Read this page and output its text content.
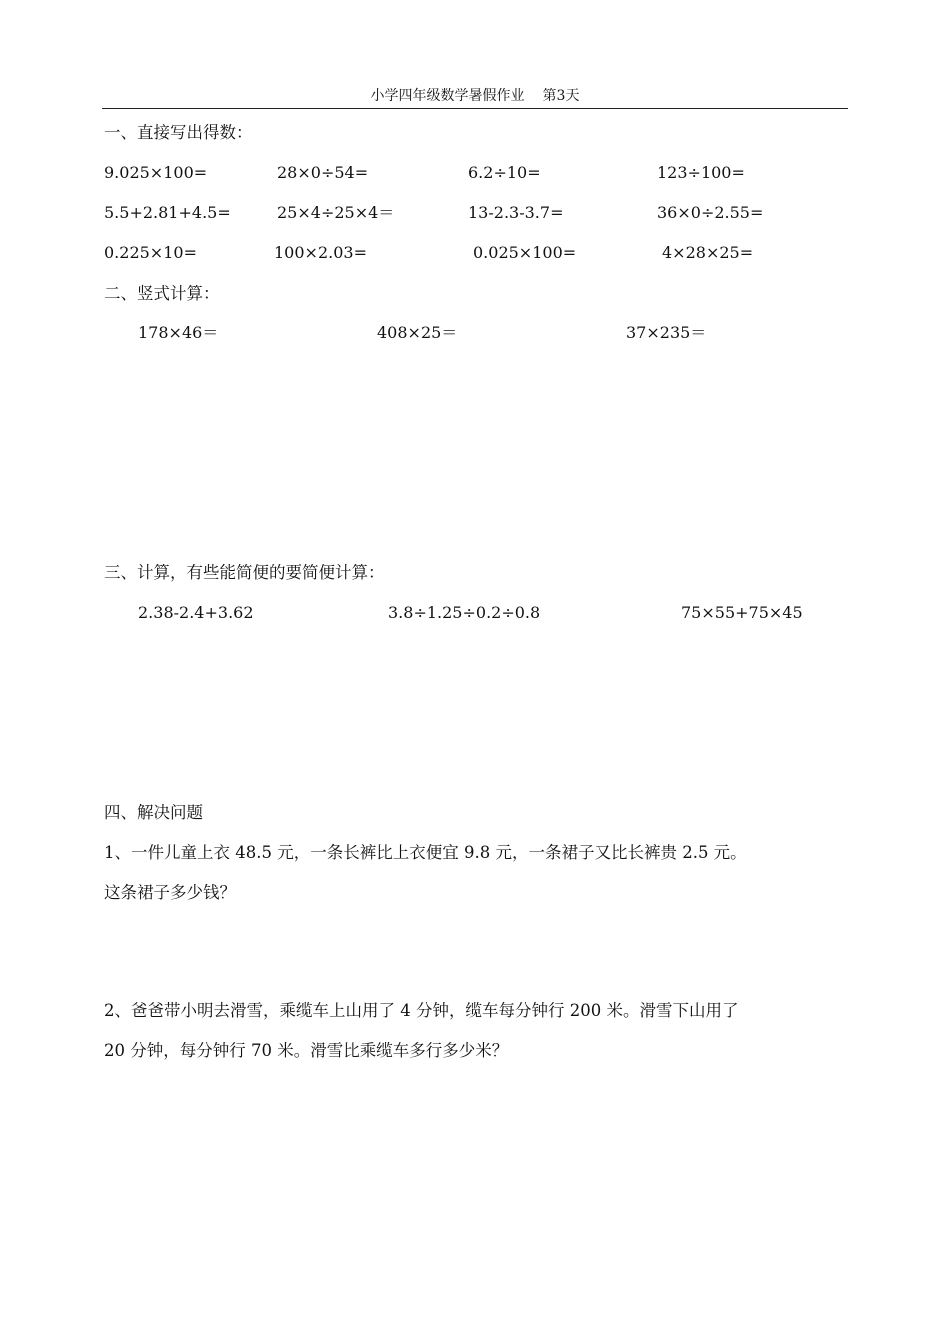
小学四年级数学暑假作业 第3天
一、直接写出得数：
9.025×100=	28×0÷54=	6.2÷10=	123÷100=
5.5+2.81+4.5=	25×4÷25×4＝	13-2.3-3.7=	36×0÷2.55=
0.225×10=	100×2.03=	0.025×100=	4×28×25=
二、竖式计算：
178×46＝	408×25＝	37×235＝
三、计算，有些能简便的要简便计算：
2.38-2.4+3.62	3.8÷1.25÷0.2÷0.8	75×55+75×45
四、解决问题
1、一件儿童上衣 48.5 元，一条长裤比上衣便宜 9.8 元，一条裙子又比长裤贵 2.5 元。
这条裙子多少钱？
2、爸爸带小明去滑雪，乘缆车上山用了 4 分钟，缆车每分钟行 200 米。滑雪下山用了
20 分钟，每分钟行 70 米。滑雪比乘缆车多行多少米？
